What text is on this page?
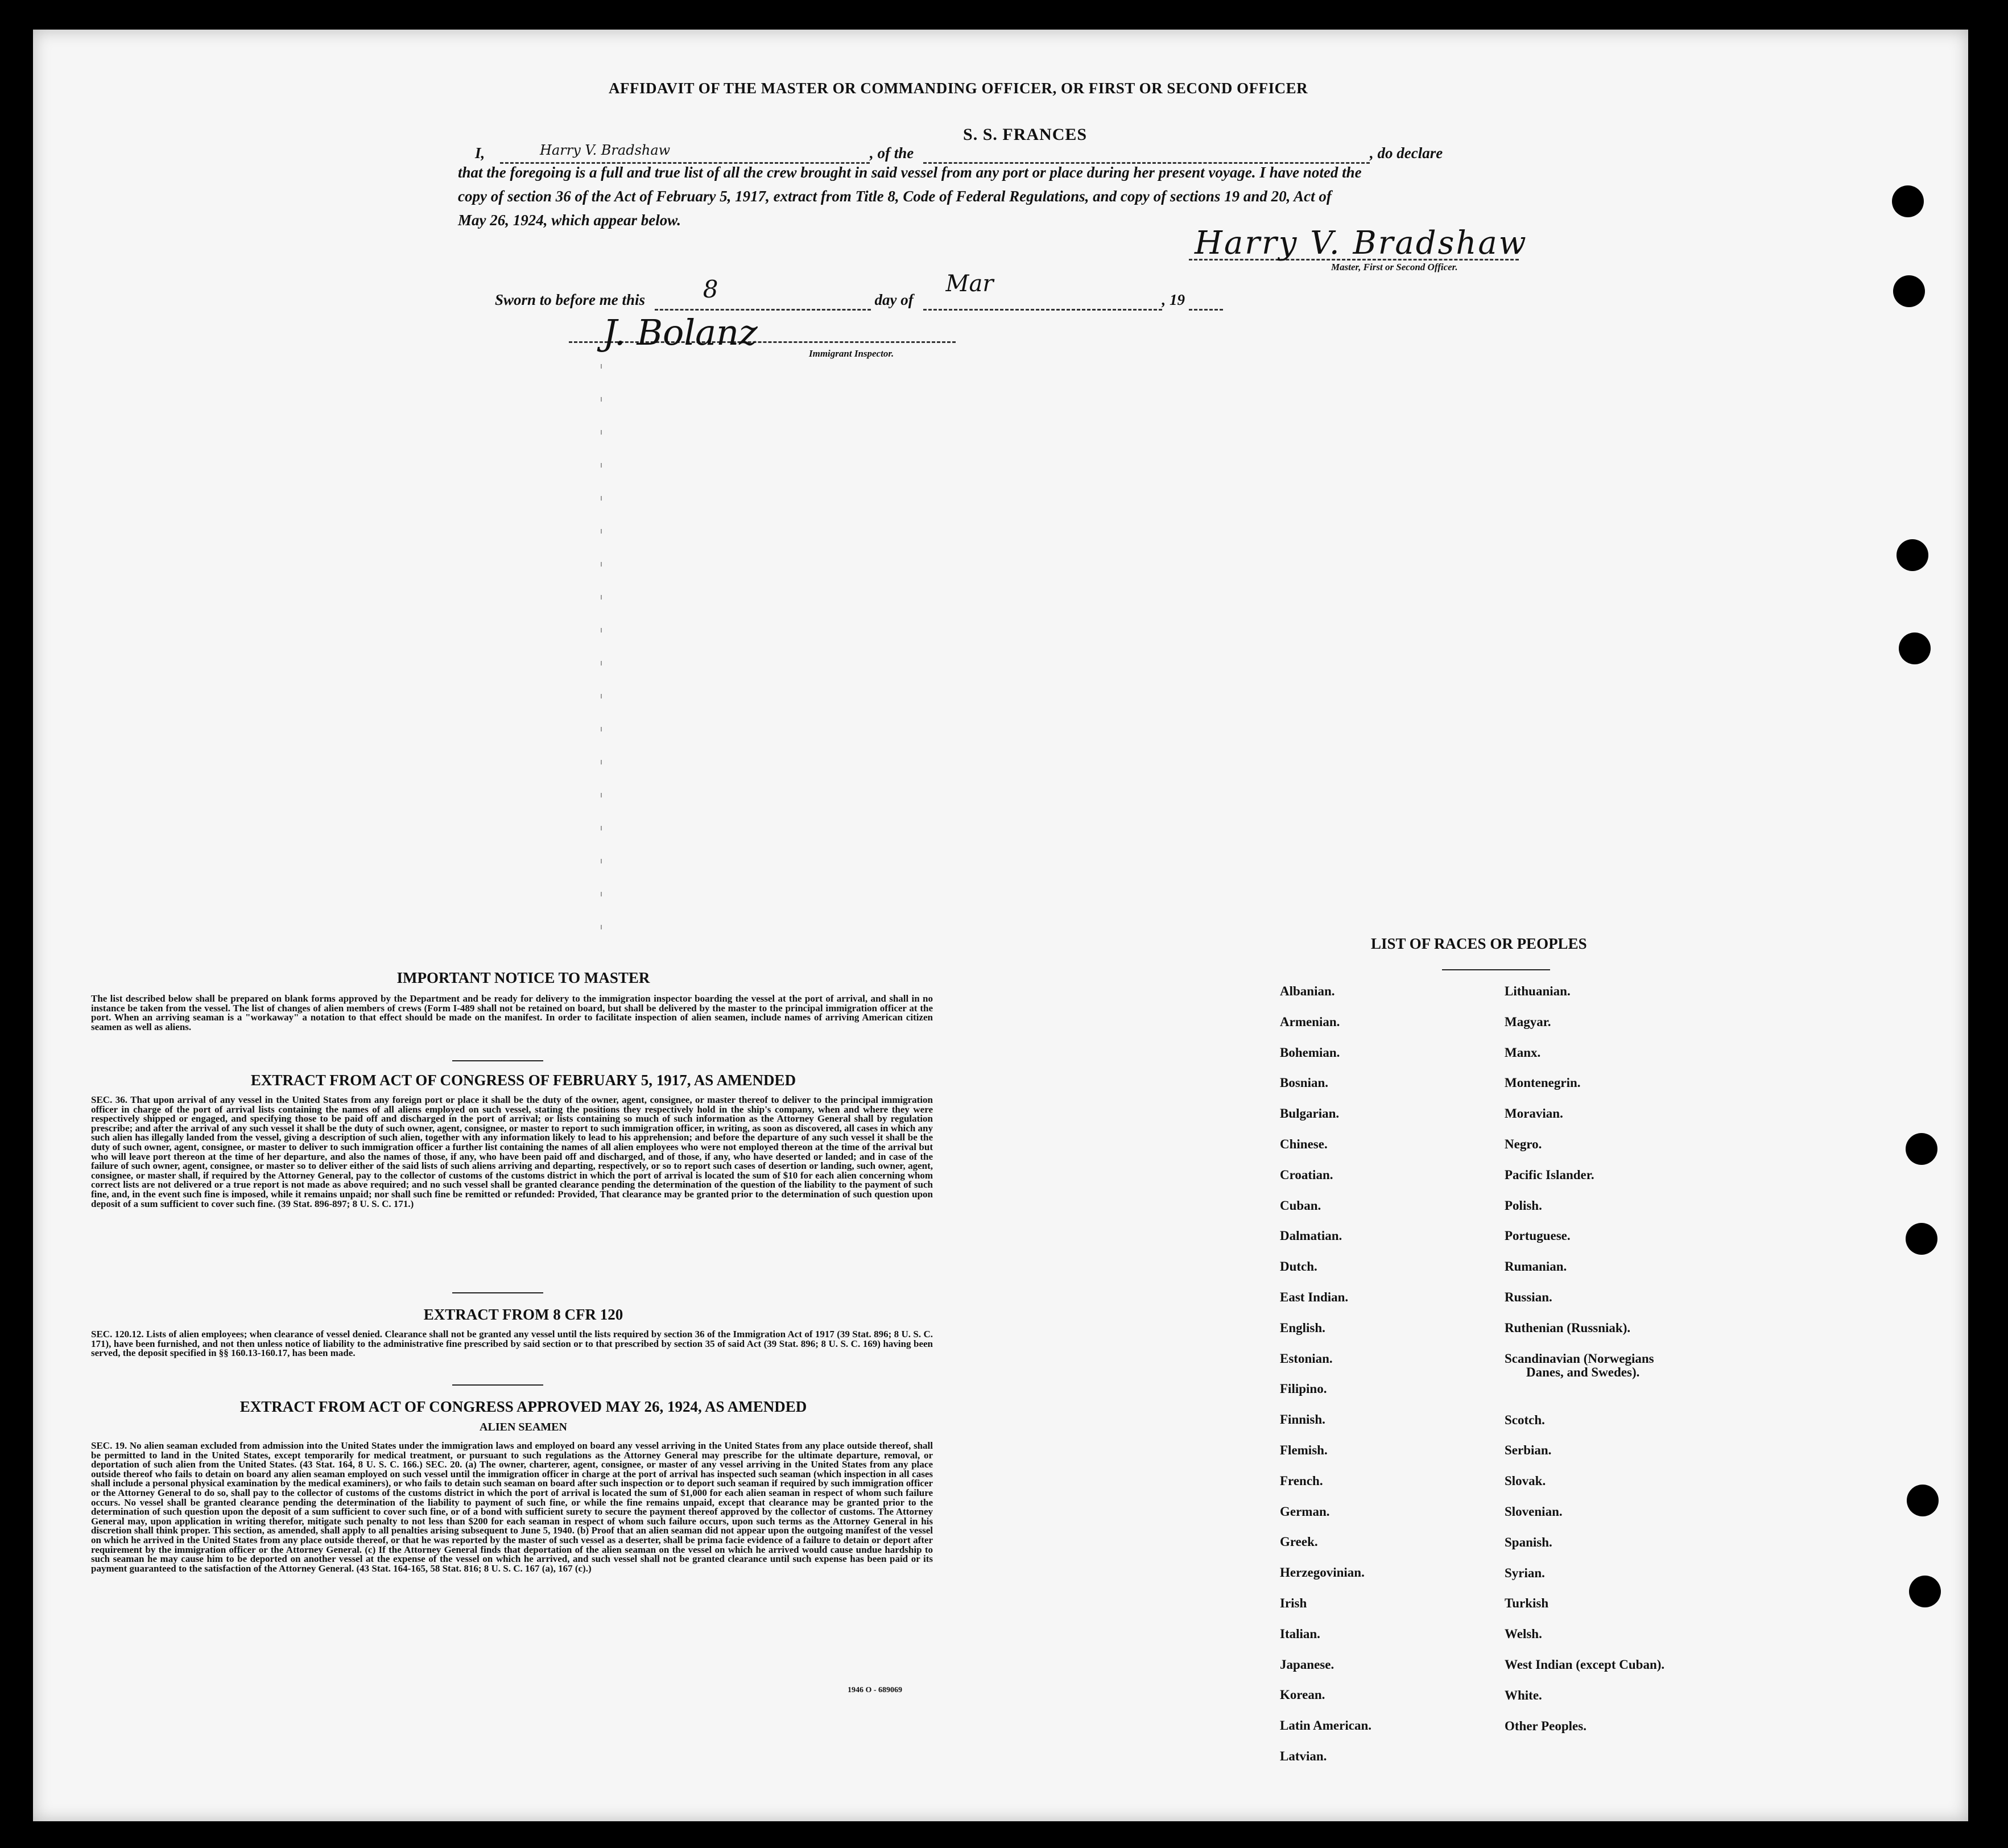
AFFIDAVIT OF THE MASTER OR COMMANDING OFFICER, OR FIRST OR SECOND OFFICER
I,	Harry V. Bradshaw	, of the
S. S. FRANCES
, do declare
that the foregoing is a full and true list of all the crew brought in said vessel from any port or place during her present voyage. I have noted the
copy of section 36 of the Act of February 5, 1917, extract from Title 8, Code of Federal Regulations, and copy of sections 19 and 20, Act of
May 26, 1924, which appear below.
Harry V. Bradshaw
Master, First or Second Officer.
Sworn to before me this 8	day of
Mar
, 19
J. Bolanz
Immigrant Inspector.
IMPORTANT NOTICE TO MASTER
The list described below shall be prepared on blank forms approved by the Department and be ready for delivery to the immigration inspector boarding the vessel at the port of arrival, and shall in no instance be taken from the vessel. The list of changes of alien members of crews (Form I-489 shall not be retained on board, but shall be delivered by the master to the principal immigration officer at the port. When an arriving seaman is a "workaway" a notation to that effect should be made on the manifest. In order to facilitate inspection of alien seamen, include names of arriving American citizen seamen as well as aliens.
EXTRACT FROM ACT OF CONGRESS OF FEBRUARY 5, 1917, AS AMENDED
SEC. 36. That upon arrival of any vessel in the United States from any foreign port or place it shall be the duty of the owner, agent, consignee, or master thereof to deliver to the principal immigration officer in charge of the port of arrival lists containing the names of all aliens employed on such vessel, stating the positions they respectively hold in the ship's company, when and where they were respectively shipped or engaged, and specifying those to be paid off and discharged in the port of arrival; or lists containing so much of such information as the Attorney General shall by regulation prescribe; and after the arrival of any such vessel it shall be the duty of such owner, agent, consignee, or master to report to such immigration officer, in writing, as soon as discovered, all cases in which any such alien has illegally landed from the vessel, giving a description of such alien, together with any information likely to lead to his apprehension; and before the departure of any such vessel it shall be the duty of such owner, agent, consignee, or master to deliver to such immigration officer a further list containing the names of all alien employees who were not employed thereon at the time of the arrival but who will leave port thereon at the time of her departure, and also the names of those, if any, who have been paid off and discharged, and of those, if any, who have deserted or landed; and in case of the failure of such owner, agent, consignee, or master so to deliver either of the said lists of such aliens arriving and departing, respectively, or so to report such cases of desertion or landing, such owner, agent, consignee, or master shall, if required by the Attorney General, pay to the collector of customs of the customs district in which the port of arrival is located the sum of $10 for each alien concerning whom correct lists are not delivered or a true report is not made as above required; and no such vessel shall be granted clearance pending the determination of the question of the liability to the payment of such fine, and, in the event such fine is imposed, while it remains unpaid; nor shall such fine be remitted or refunded: Provided, That clearance may be granted prior to the determination of such question upon deposit of a sum sufficient to cover such fine. (39 Stat. 896-897; 8 U. S. C. 171.)
EXTRACT FROM 8 CFR 120
SEC. 120.12. Lists of alien employees; when clearance of vessel denied. Clearance shall not be granted any vessel until the lists required by section 36 of the Immigration Act of 1917 (39 Stat. 896; 8 U. S. C. 171), have been furnished, and not then unless notice of liability to the administrative fine prescribed by said section or to that prescribed by section 35 of said Act (39 Stat. 896; 8 U. S. C. 169) having been served, the deposit specified in §§ 160.13-160.17, has been made.
EXTRACT FROM ACT OF CONGRESS APPROVED MAY 26, 1924, AS AMENDED
ALIEN SEAMEN
SEC. 19. No alien seaman excluded from admission into the United States under the immigration laws and employed on board any vessel arriving in the United States from any place outside thereof, shall be permitted to land in the United States, except temporarily for medical treatment, or pursuant to such regulations as the Attorney General may prescribe for the ultimate departure, removal, or deportation of such alien from the United States. (43 Stat. 164, 8 U. S. C. 166.) SEC. 20. (a) The owner, charterer, agent, consignee, or master of any vessel arriving in the United States from any place outside thereof who fails to detain on board any alien seaman employed on such vessel until the immigration officer in charge at the port of arrival has inspected such seaman (which inspection in all cases shall include a personal physical examination by the medical examiners), or who fails to detain such seaman on board after such inspection or to deport such seaman if required by such immigration officer or the Attorney General to do so, shall pay to the collector of customs of the customs district in which the port of arrival is located the sum of $1,000 for each alien seaman in respect of whom such failure occurs. No vessel shall be granted clearance pending the determination of the liability to payment of such fine, or while the fine remains unpaid, except that clearance may be granted prior to the determination of such question upon the deposit of a sum sufficient to cover such fine, or of a bond with sufficient surety to secure the payment thereof approved by the collector of customs. The Attorney General may, upon application in writing therefor, mitigate such penalty to not less than $200 for each seaman in respect of whom such failure occurs, upon such terms as the Attorney General in his discretion shall think proper. This section, as amended, shall apply to all penalties arising subsequent to June 5, 1940. (b) Proof that an alien seaman did not appear upon the outgoing manifest of the vessel on which he arrived in the United States from any place outside thereof, or that he was reported by the master of such vessel as a deserter, shall be prima facie evidence of a failure to detain or deport after requirement by the immigration officer or the Attorney General. (c) If the Attorney General finds that deportation of the alien seaman on the vessel on which he arrived would cause undue hardship to such seaman he may cause him to be deported on another vessel at the expense of the vessel on which he arrived, and such vessel shall not be granted clearance until such expense has been paid or its payment guaranteed to the satisfaction of the Attorney General. (43 Stat. 164-165, 58 Stat. 816; 8 U. S. C. 167 (a), 167 (c).)
1946 O - 689069
LIST OF RACES OR PEOPLES
Albanian.
Armenian.
Bohemian.
Bosnian.
Bulgarian.
Chinese.
Croatian.
Cuban.
Dalmatian.
Dutch.
East Indian.
English.
Estonian.
Filipino.
Finnish.
Flemish.
French.
German.
Greek.
Herzegovinian.
Irish
Italian.
Japanese.
Korean.
Latin American.
Latvian.
Lithuanian.
Magyar.
Manx.
Montenegrin.
Moravian.
Negro.
Pacific Islander.
Polish.
Portuguese.
Rumanian.
Russian.
Ruthenian (Russniak).
Scandinavian (Norwegians
Danes, and Swedes).
Scotch.
Serbian.
Slovak.
Slovenian.
Spanish.
Syrian.
Turkish
Welsh.
West Indian (except Cuban).
White.
Other Peoples.
